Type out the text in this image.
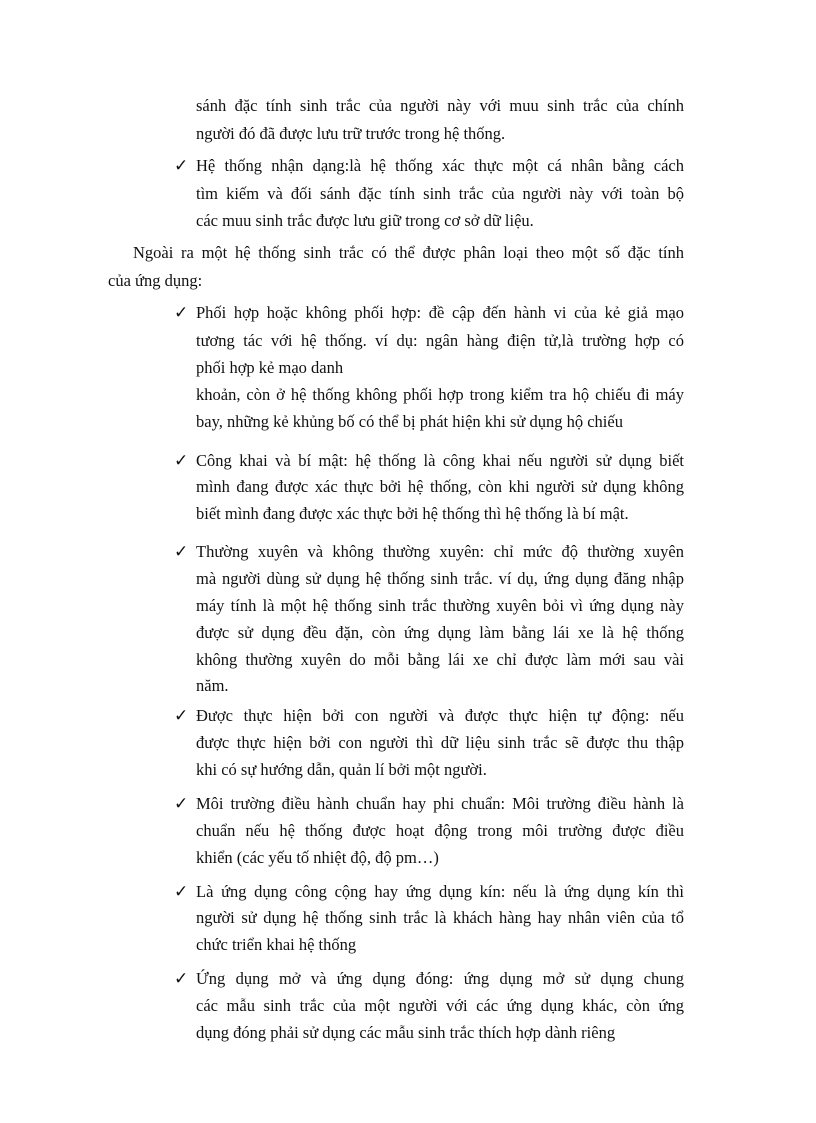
sánh đặc tính sinh trắc của người này với muu sinh trắc của chính
người đó đã được lưu trữ trước trong hệ thống.
✓ Hệ thống nhận dạng:là hệ thống xác thực một cá nhân bằng cách
tìm kiếm và đối sánh đặc tính sinh trắc của người này với toàn bộ
các muu sinh trắc được lưu giữ trong cơ sở dữ liệu.
Ngoài ra một hệ thống sinh trắc có thể được phân loại theo một số đặc tính
của ứng dụng:
✓ Phối hợp hoặc không phối hợp: đề cập đến hành vi của kẻ giả mạo
tương tác với hệ thống. ví dụ: ngân hàng điện tử,là trường hợp có
phối hợp kẻ mạo danh
khoản, còn ở hệ thống không phối hợp trong kiểm tra hộ chiếu đi máy
bay, những kẻ khủng bố có thể bị phát hiện khi sử dụng hộ chiếu
✓ Công khai và bí mật: hệ thống là công khai nếu người sử dụng biết
mình đang được xác thực bởi hệ thống, còn khi người sử dụng không
biết mình đang được xác thực bởi hệ thống thì hệ thống là bí mật.
✓ Thường xuyên và không thường xuyên: chỉ mức độ thường xuyên
mà người dùng sử dụng hệ thống sinh trắc. ví dụ, ứng dụng đăng nhập
máy tính là một hệ thống sinh trắc thường xuyên bỏi vì ứng dụng này
được sử dụng đều đặn, còn ứng dụng làm bằng lái xe là hệ thống
không thường xuyên do mỗi bằng lái xe chỉ được làm mới sau vài
năm.
✓ Được thực hiện bởi con người và được thực hiện tự động: nếu
được thực hiện bởi con người thì dữ liệu sinh trắc sẽ được thu thập
khi có sự hướng dẫn, quản lí bởi một người.
✓ Môi trường điều hành chuẩn hay phi chuẩn: Môi trường điều hành là
chuẩn nếu hệ thống được hoạt động trong môi trường được điều
khiển (các yếu tố nhiệt độ, độ pm…)
✓ Là ứng dụng công cộng hay ứng dụng kín: nếu là ứng dụng kín thì
người sử dụng hệ thống sinh trắc là khách hàng hay nhân viên của tổ
chức triển khai hệ thống
✓ Ứng dụng mở và ứng dụng đóng: ứng dụng mở sử dụng chung
các mẫu sinh trắc của một người với các ứng dụng khác, còn ứng
dụng đóng phải sử dụng các mẫu sinh trắc thích hợp dành riêng
